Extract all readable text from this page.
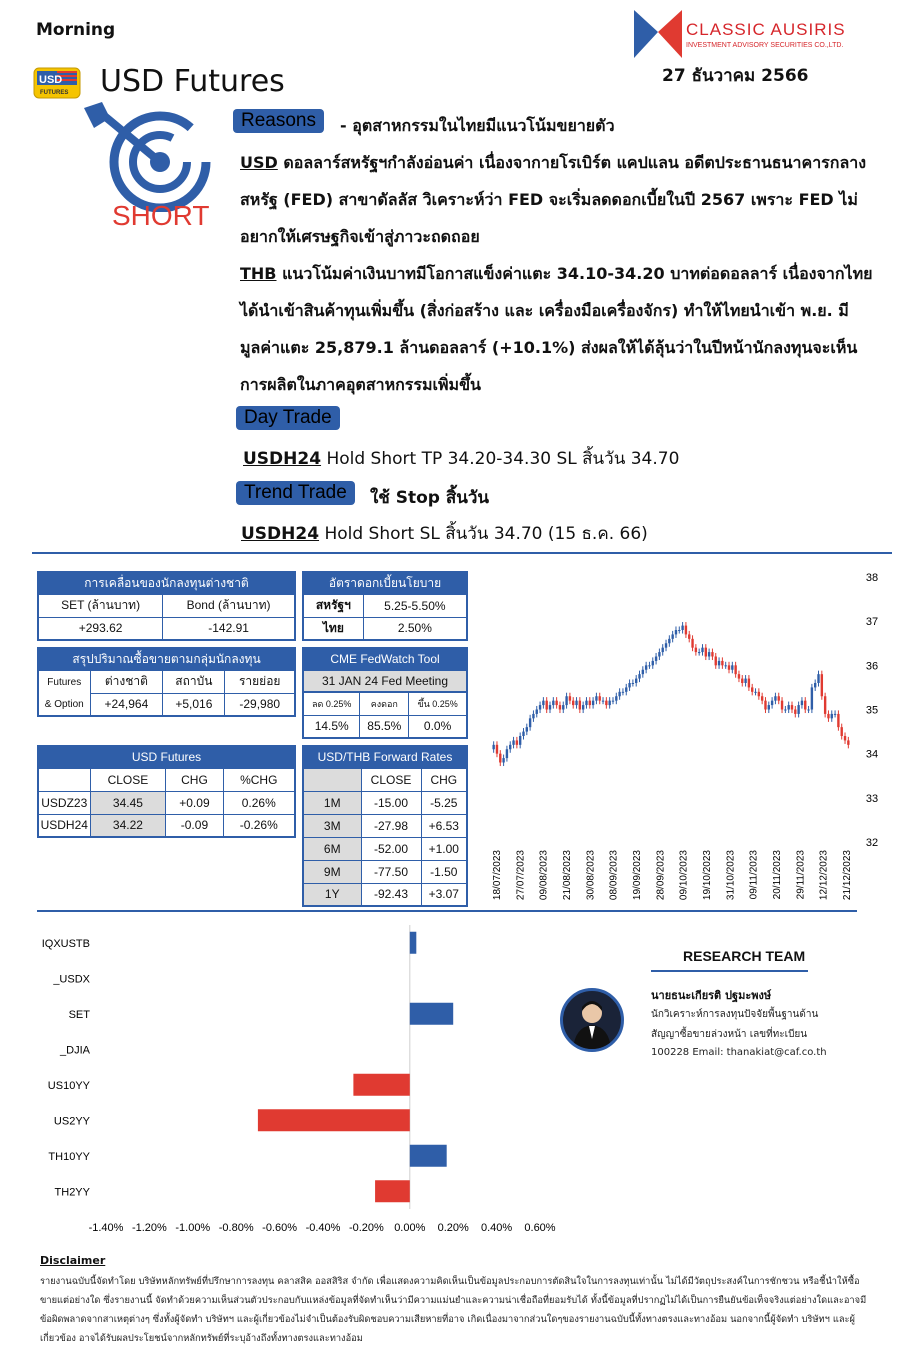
Morning	CLASSIC AUSIRIS
INVESTMENT ADVISORY SECURITIES CO.,LTD.
27 ธันวาคม 2566
USD
FUTURES USD Futures
SHORT
Reasons	- อุตสาหกรรมในไทยมีแนวโน้มขยายตัว
USD ดอลลาร์สหรัฐฯกำลังอ่อนค่า เนื่องจากายโรเบิร์ต แคปแลน อดีตประธานธนาคารกลางสหรัฐ (FED) สาขาดัลลัส วิเคราะห์ว่า FED จะเริ่มลดดอกเบี้ยในปี 2567 เพราะ FED ไม่อยากให้เศรษฐกิจเข้าสู่ภาวะถดถอย
THB แนวโน้มค่าเงินบาทมีโอกาสแข็งค่าแตะ 34.10-34.20 บาทต่อดอลลาร์ เนื่องจากไทยได้นำเข้าสินค้าทุนเพิ่มขึ้น (สิ่งก่อสร้าง และ เครื่องมือเครื่องจักร) ทำให้ไทยนำเข้า พ.ย. มีมูลค่าแตะ 25,879.1 ล้านดอลลาร์ (+10.1%) ส่งผลให้ได้ลุ้นว่าในปีหน้านักลงทุนจะเห็นการผลิตในภาคอุตสาหกรรมเพิ่มขึ้น
Day Trade
USDH24 Hold Short TP 34.20-34.30 SL สิ้นวัน 34.70
Trend Trade	ใช้ Stop สิ้นวัน
USDH24 Hold Short SL สิ้นวัน 34.70 (15 ธ.ค. 66)
การเคลื่อนของนักลงทุนต่างชาติ	
SET (ล้านบาท)	Bond (ล้านบาท)
+293.62	-142.91
สรุปปริมาณซื้อขายตามกลุ่มนักลงทุน			
Futures

& Option	ต่างชาติ	สถาบัน	รายย่อย
	+24,964	+5,016	-29,980
USD Futures			
	CLOSE	CHG	%CHG
USDZ23	34.45	+0.09	0.26%
USDH24	34.22	-0.09	-0.26%
อัตราดอกเบี้ยนโยบาย	
สหรัฐฯ	5.25-5.50%
ไทย	2.50%
CME FedWatch Tool		
31 JAN 24 Fed Meeting		
ลด 0.25%	คงดอก	ขึ้น 0.25%
14.5%	85.5%	0.0%
USD/THB Forward Rates		
	CLOSE	CHG
1M	-15.00	-5.25
3M	-27.98	+6.53
6M	-52.00	+1.00
9M	-77.50	-1.50
1Y	-92.43	+3.07
38
37
36
35
34
33
32
18/07/2023 27/07/2023 09/08/2023 21/08/2023 30/08/2023 08/09/2023 19/09/2023 28/09/2023 09/10/2023 19/10/2023 31/10/2023 09/11/2023 20/11/2023 29/11/2023 12/12/2023 21/12/2023
IQXUSTB
_USDX
SET
_DJIA
US10YY
US2YY
TH10YY
TH2YY
-1.40% -1.20% -1.00% -0.80% -0.60% -0.40% -0.20% 0.00% 0.20% 0.40% 0.60%
RESEARCH TEAM
นายธนะเกียรติ ปฐมะพงษ์
นักวิเคราะห์การลงทุนปัจจัยพื้นฐานด้าน
สัญญาซื้อขายล่วงหน้า เลขที่ทะเบียน
100228 Email: thanakiat@caf.co.th
Disclaimer
รายงานฉบับนี้จัดทำโดย บริษัทหลักทรัพย์ที่ปรึกษาการลงทุน คลาสสิค ออสสิริส จำกัด เพื่อแสดงความคิดเห็นเป็นข้อมูลประกอบการตัดสินใจในการลงทุนเท่านั้น ไม่ได้มีวัตถุประสงค์ในการชักชวน หรือชี้นำให้ซื้อขายแต่อย่างใด ซึ่งรายงานนี้ จัดทำด้วยความเห็นส่วนตัวประกอบกับแหล่งข้อมูลที่จัดทำเห็นว่ามีความแม่นยำและความน่าเชื่อถือที่ยอมรับได้ ทั้งนี้ข้อมูลที่ปรากฏไม่ได้เป็นการยืนยันข้อเท็จจริงแต่อย่างใดและอาจมีข้อผิดพลาดจากสาเหตุต่างๆ ซึ่งทั้งผู้จัดทำ บริษัทฯ และผู้เกี่ยวข้องไม่จำเป็นต้องรับผิดชอบความเสียหายที่อาจ เกิดเนื่องมาจากส่วนใดๆของรายงานฉบับนี้ทั้งทางตรงและทางอ้อม นอกจากนี้ผู้จัดทำ บริษัทฯ และผู้เกี่ยวข้อง อาจได้รับผลประโยชน์จากหลักทรัพย์ที่ระบุอ้างถึงทั้งทางตรงและทางอ้อม
